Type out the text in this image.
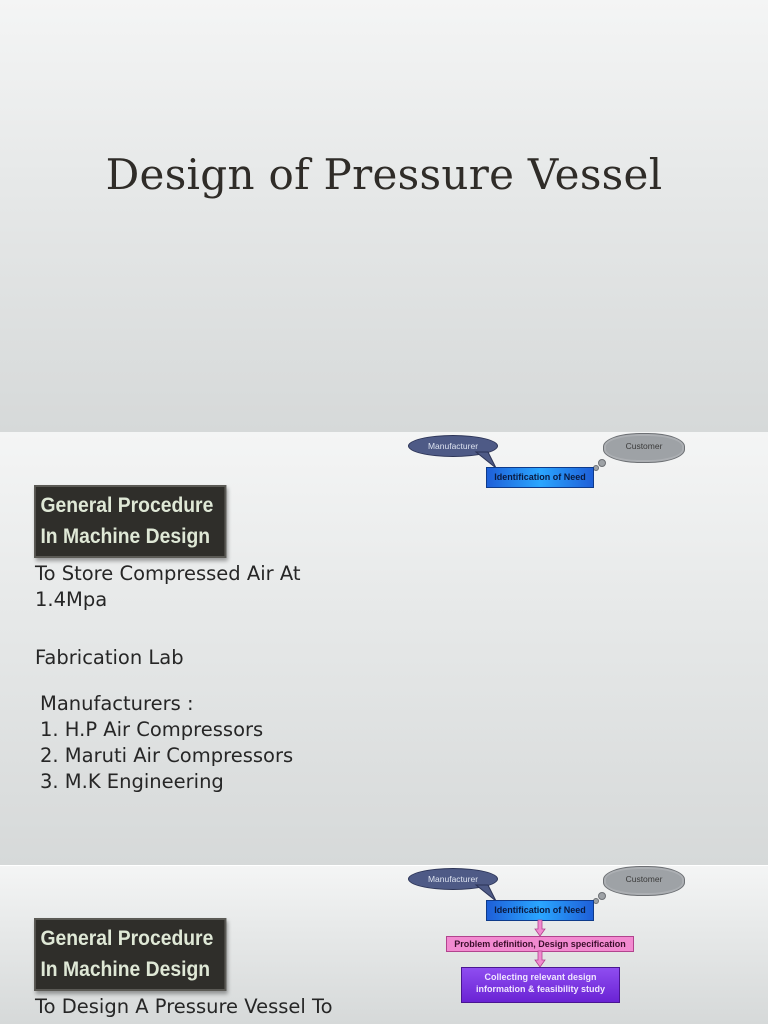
Design of Pressure Vessel
Manufacturer	Customer
Identification of Need
General Procedure
In Machine Design
To Store Compressed Air At
1.4Mpa
Fabrication Lab
Manufacturers :
1. H.P Air Compressors
2. Maruti Air Compressors
3. M.K Engineering
Manufacturer	Customer
Identification of Need
Problem definition, Design specification
Collecting relevant design
information & feasibility study
General Procedure
In Machine Design
To Design A Pressure Vessel To
